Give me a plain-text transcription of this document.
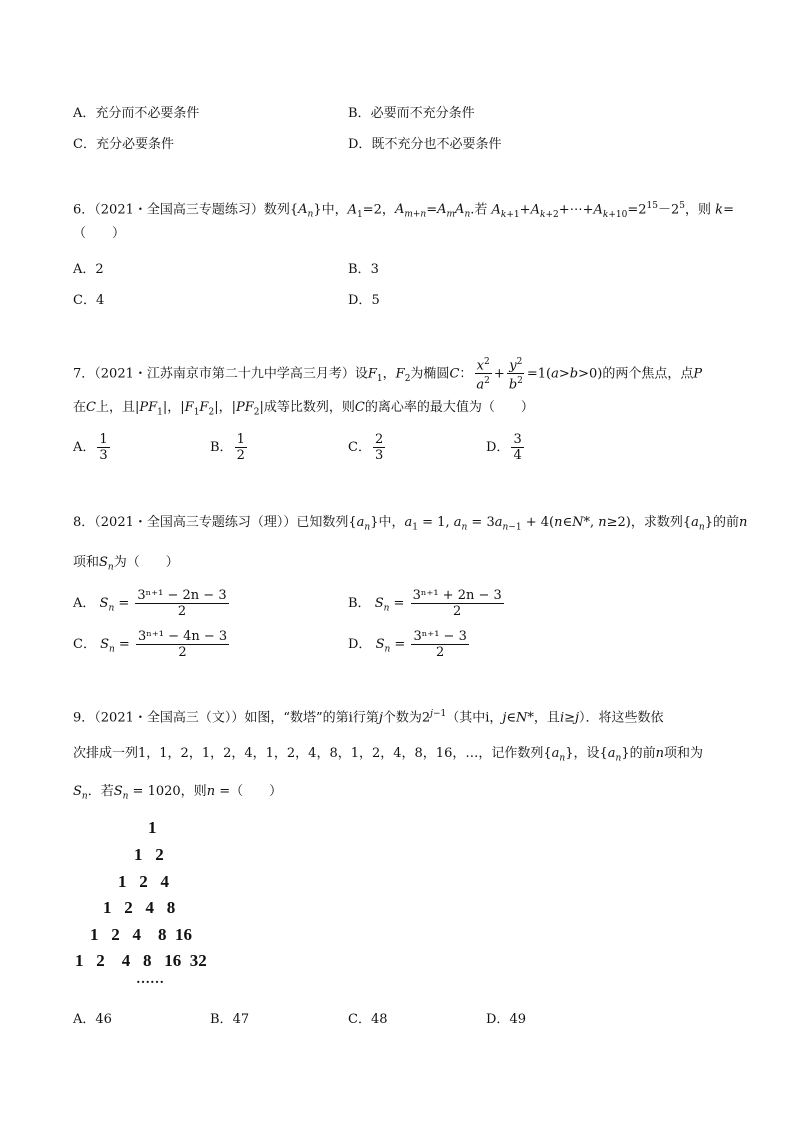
A．充分而不必要条件	B．必要而不充分条件
C．充分必要条件	D．既不充分也不必要条件
6．（2021・全国高三专题练习）数列$\{A_n\}$中，$A_1=2$，$A_{m+n}=A_mA_n$.若 $A_{k+1}+A_{k+2}+\cdots+A_{k+10}=2^{15}-2^5$，则 k=
（　　）
A．2	B．3
C．4	D．5
7．（2021・江苏南京市第二十九中学高三月考）设$F_1$，$F_2$为椭圆C： $\frac{x^2}{a^2} + \frac{y^2}{b^2} =1(a>b>0)$的两个焦点，点P
在C上，且$|PF_1|$，$|F_1F_2|$，$|PF_2|$成等比数列，则C的离心率的最大值为（　　）
A． $\frac{1}{3}$	B． $\frac{1}{2}$	C． $\frac{2}{3}$	D． $\frac{3}{4}$
8．（2021・全国高三专题练习（理））已知数列$\{a_n\}$中，$a_1 = 1$, $a_n = 3a_{n-1}$ + 4(n∈N*, n≥2)，求数列$\{a_n\}$的前n
项和$S_n$为（　　）
A． $S_n = \frac{\text{3ⁿ⁺¹ − 2n − 3}}{2}$	B． $S_n = \frac{\text{3ⁿ⁺¹ + 2n − 3}}{2}$
C． $S_n = \frac{\text{3ⁿ⁺¹ − 4n − 3}}{2}$	D． $S_n = \frac{\text{3ⁿ⁺¹ − 3}}{2}$
9．（2021・全国高三（文））如图，“数塔”的第i行第j个数为$2^{j-1}$（其中i，j∈N*，且i≥j）．将这些数依
次排成一列1，1，2，1，2，4，1，2，4，8，1，2，4，8，16，…，记作数列$\{a_n\}$，设$\{a_n\}$的前n项和为
$S_n$．若$S_n = 1020$，则n =（　　）
1
1   2
1   2   4
1   2   4   8
1   2   4    8  16
1   2    4   8   16  32
……
A．46	B．47	C．48	D．49
